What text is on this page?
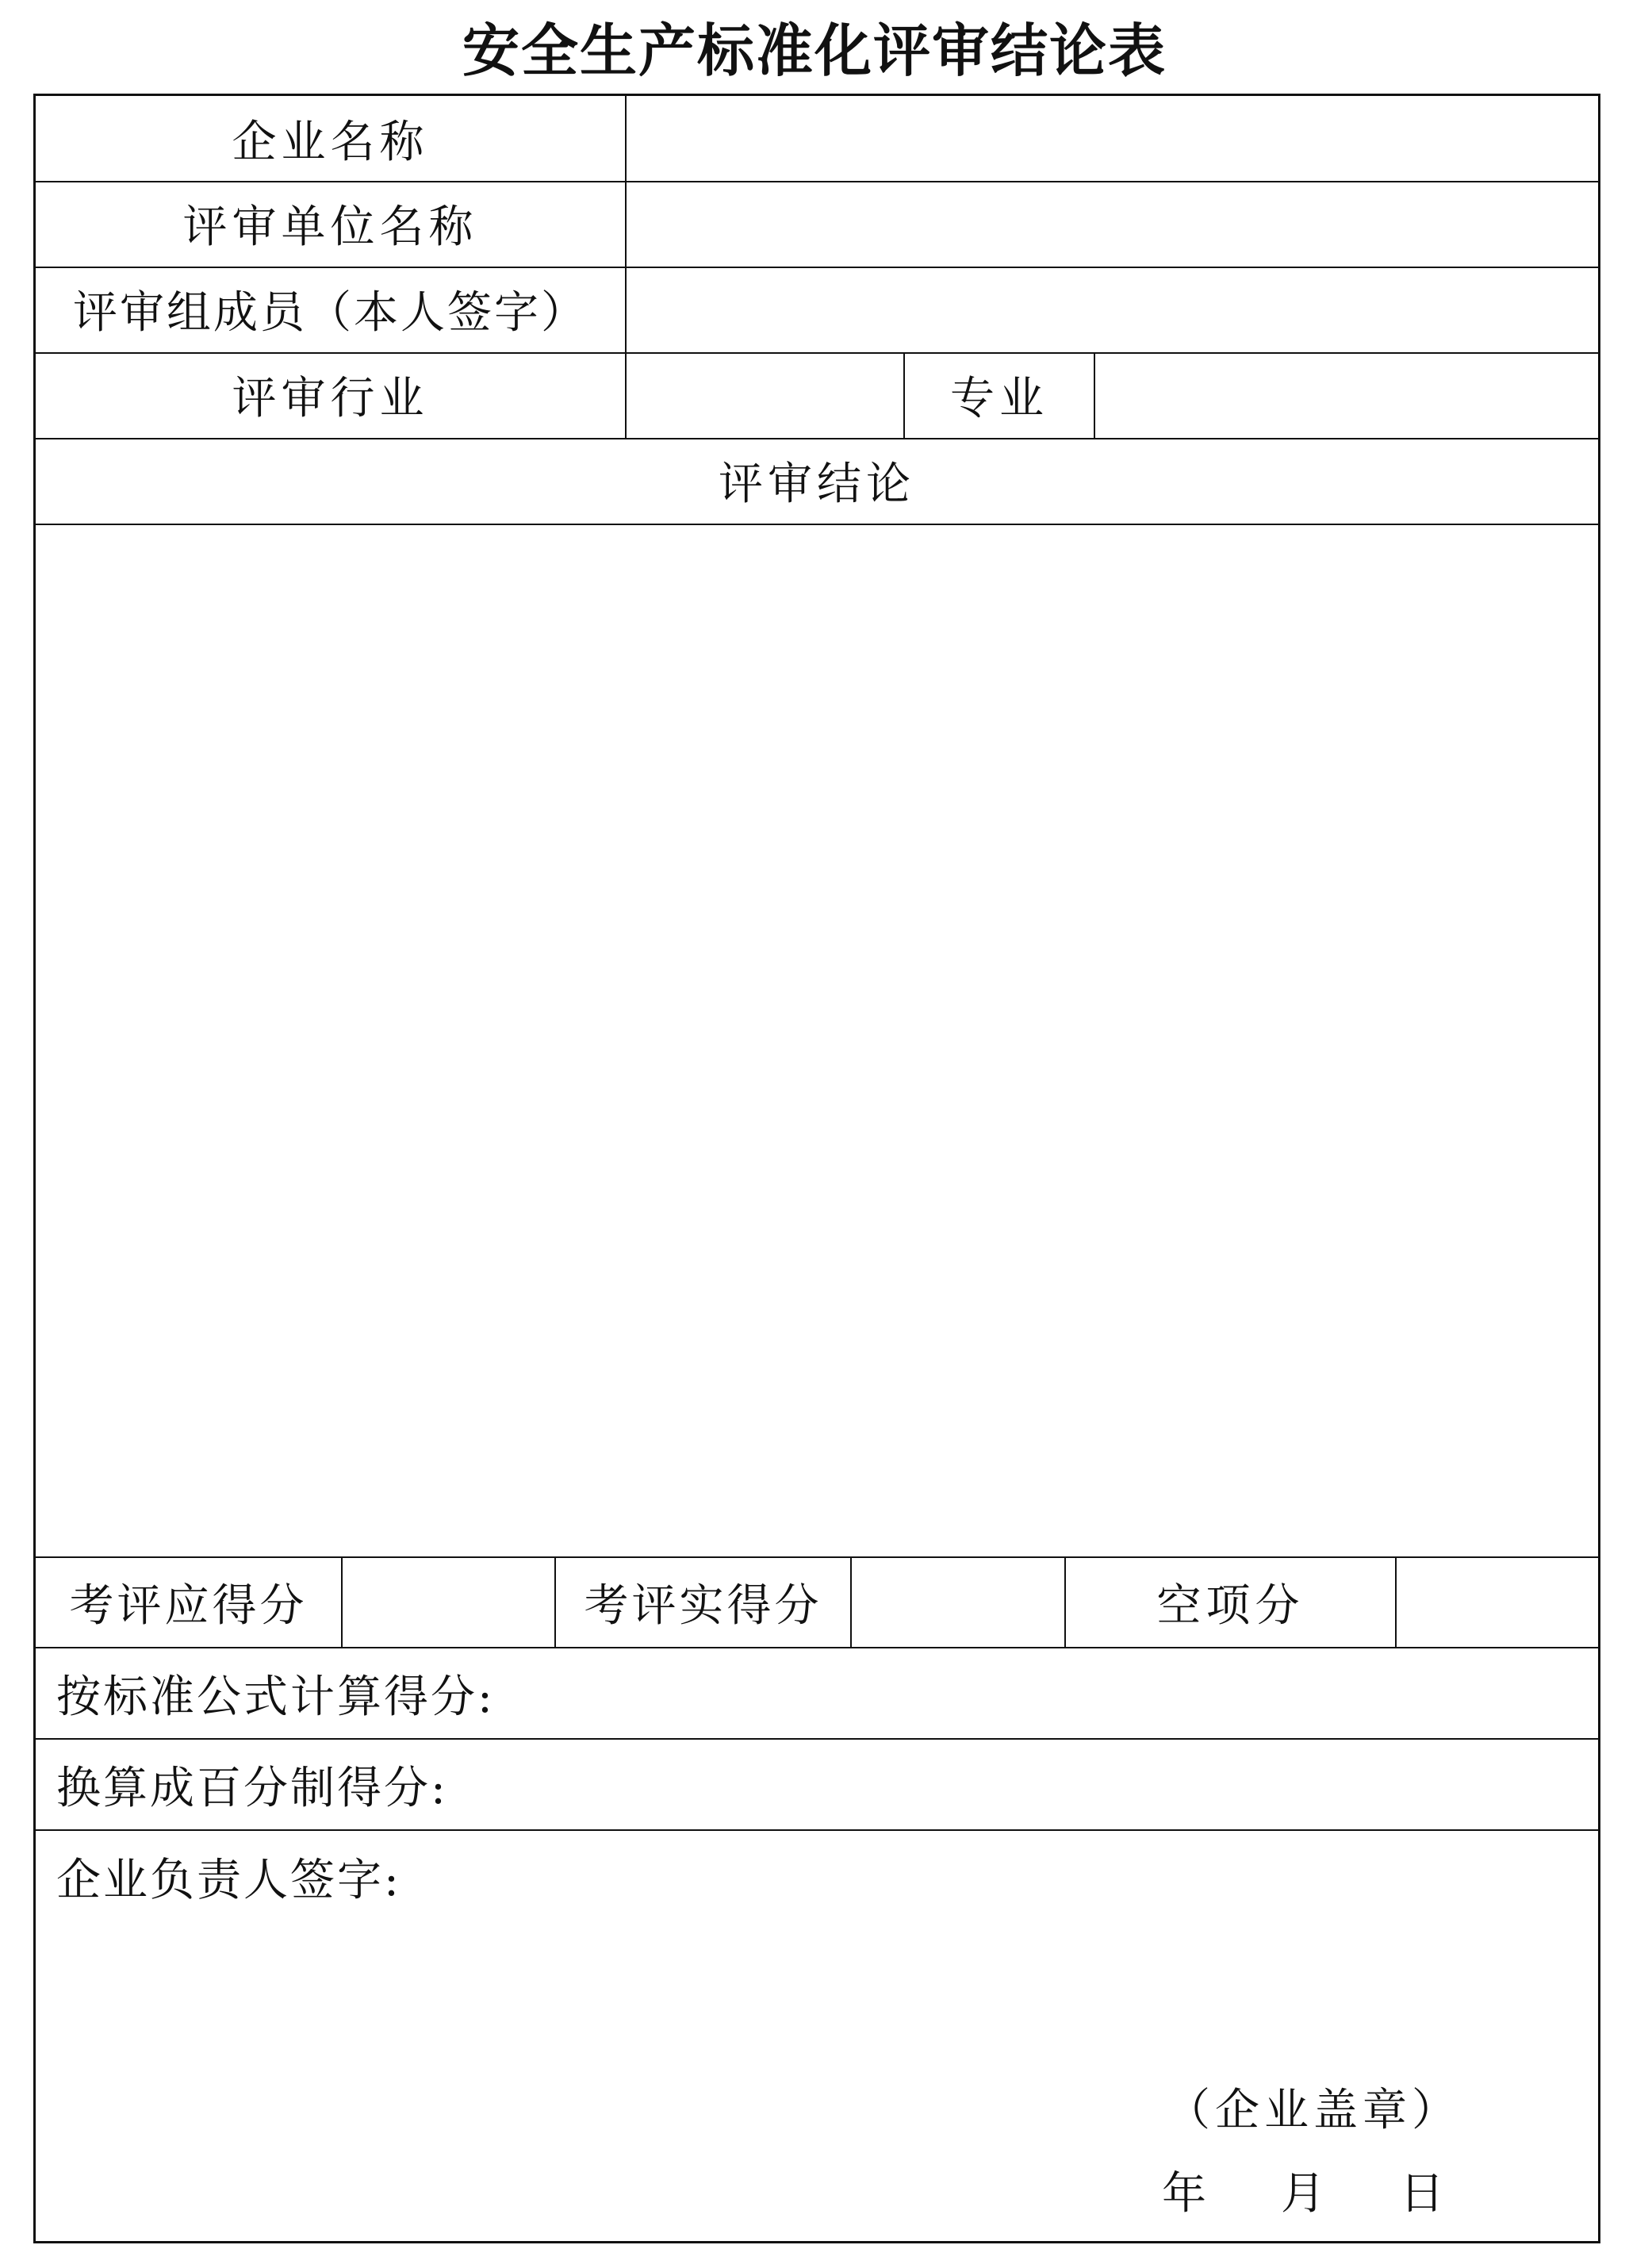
安全生产标准化评审结论表
企业名称
评审单位名称
评审组成员（本人签字）
评审行业	专业
评审结论
考评应得分	考评实得分	空项分
按标准公式计算得分:
换算成百分制得分:
企业负责人签字:
（企业盖章）
年 月 日
